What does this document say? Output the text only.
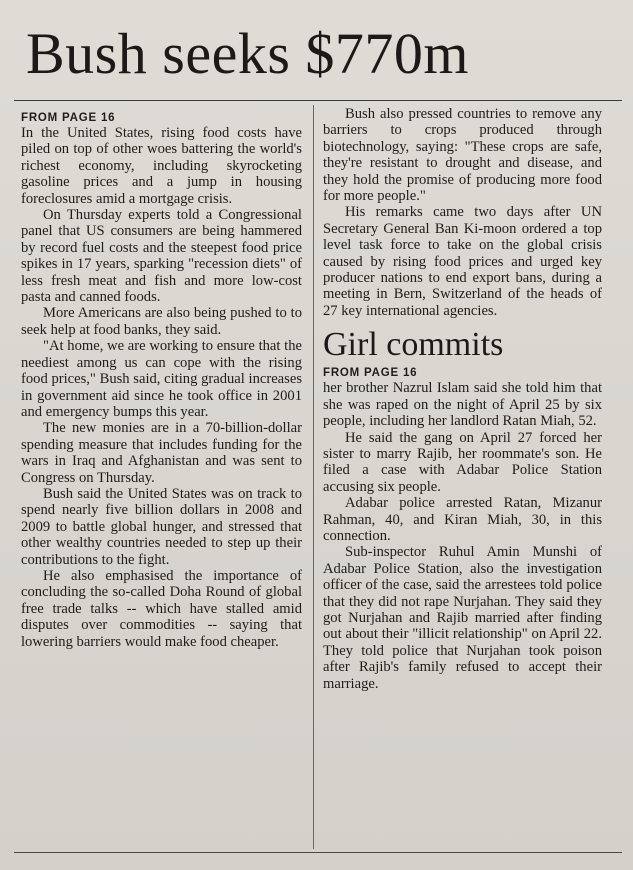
Bush seeks $770m

FROM PAGE 16

In the United States, rising food costs have piled on top of other woes battering the world's richest economy, including skyrocketing gasoline prices and a jump in housing foreclosures amid a mortgage crisis.

On Thursday experts told a Congressional panel that US consumers are being hammered by record fuel costs and the steepest food price spikes in 17 years, sparking "recession diets" of less fresh meat and fish and more low-cost pasta and canned foods.

More Americans are also being pushed to to seek help at food banks, they said.

"At home, we are working to ensure that the neediest among us can cope with the rising food prices," Bush said, citing gradual increases in government aid since he took office in 2001 and emergency bumps this year.

The new monies are in a 70-billion-dollar spending measure that includes funding for the wars in Iraq and Afghanistan and was sent to Congress on Thursday.

Bush said the United States was on track to spend nearly five billion dollars in 2008 and 2009 to battle global hunger, and stressed that other wealthy countries needed to step up their contributions to the fight.

He also emphasised the importance of concluding the so-called Doha Round of global free trade talks -- which have stalled amid disputes over commodities -- saying that lowering barriers would make food cheaper.

Bush also pressed countries to remove any barriers to crops produced through biotechnology, saying: "These crops are safe, they're resistant to drought and disease, and they hold the promise of producing more food for more people."

His remarks came two days after UN Secretary General Ban Ki-moon ordered a top level task force to take on the global crisis caused by rising food prices and urged key producer nations to end export bans, during a meeting in Bern, Switzerland of the heads of 27 key international agencies.

Girl commits

FROM PAGE 16

her brother Nazrul Islam said she told him that she was raped on the night of April 25 by six people, including her landlord Ratan Miah, 52.

He said the gang on April 27 forced her sister to marry Rajib, her roommate's son. He filed a case with Adabar Police Station accusing six people.

Adabar police arrested Ratan, Mizanur Rahman, 40, and Kiran Miah, 30, in this connection.

Sub-inspector Ruhul Amin Munshi of Adabar Police Station, also the investigation officer of the case, said the arrestees told police that they did not rape Nurjahan. They said they got Nurjahan and Rajib married after finding out about their "illicit relationship" on April 22. They told police that Nurjahan took poison after Rajib's family refused to accept their marriage.
